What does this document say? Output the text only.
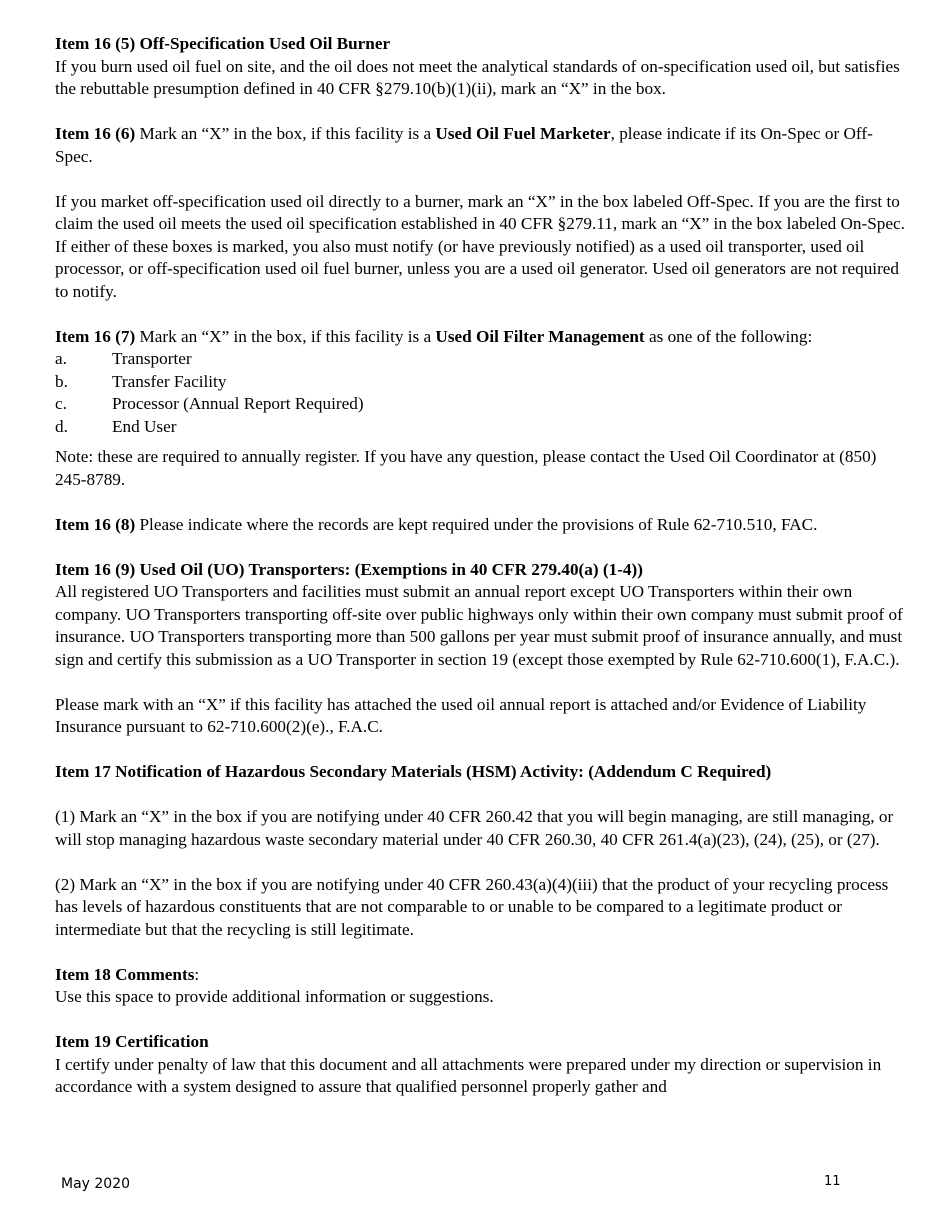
Item 16 (5) Off-Specification Used Oil Burner

If you burn used oil fuel on site, and the oil does not meet the analytical standards of on-specification used oil, but satisfies the rebuttable presumption defined in 40 CFR §279.10(b)(1)(ii), mark an “X” in the box.

Item 16 (6) Mark an “X” in the box, if this facility is a Used Oil Fuel Marketer, please indicate if its On-Spec or Off-Spec.

If you market off-specification used oil directly to a burner, mark an “X” in the box labeled Off-Spec. If you are the first to claim the used oil meets the used oil specification established in 40 CFR §279.11, mark an “X” in the box labeled On-Spec. If either of these boxes is marked, you also must notify (or have previously notified) as a used oil transporter, used oil processor, or off-specification used oil fuel burner, unless you are a used oil generator. Used oil generators are not required to notify.

Item 16 (7) Mark an “X” in the box, if this facility is a Used Oil Filter Management as one of the following:

a.	Transporter
b.	Transfer Facility
c.	Processor (Annual Report Required)
d.	End User

Note: these are required to annually register. If you have any question, please contact the Used Oil Coordinator at (850) 245-8789.

Item 16 (8) Please indicate where the records are kept required under the provisions of Rule 62-710.510, FAC.

Item 16 (9) Used Oil (UO) Transporters: (Exemptions in 40 CFR 279.40(a) (1-4))

All registered UO Transporters and facilities must submit an annual report except UO Transporters within their own company. UO Transporters transporting off-site over public highways only within their own company must submit proof of insurance. UO Transporters transporting more than 500 gallons per year must submit proof of insurance annually, and must sign and certify this submission as a UO Transporter in section 19 (except those exempted by Rule 62-710.600(1), F.A.C.).

Please mark with an “X” if this facility has attached the used oil annual report is attached and/or Evidence of Liability Insurance pursuant to 62-710.600(2)(e)., F.A.C.

Item 17 Notification of Hazardous Secondary Materials (HSM) Activity: (Addendum C Required)

(1) Mark an “X” in the box if you are notifying under 40 CFR 260.42 that you will begin managing, are still managing, or will stop managing hazardous waste secondary material under 40 CFR 260.30, 40 CFR 261.4(a)(23), (24), (25), or (27).

(2) Mark an “X” in the box if you are notifying under 40 CFR 260.43(a)(4)(iii) that the product of your recycling process has levels of hazardous constituents that are not comparable to or unable to be compared to a legitimate product or intermediate but that the recycling is still legitimate.

Item 18 Comments:

Use this space to provide additional information or suggestions.

Item 19 Certification

I certify under penalty of law that this document and all attachments were prepared under my direction or supervision in accordance with a system designed to assure that qualified personnel properly gather and

May 2020	11
